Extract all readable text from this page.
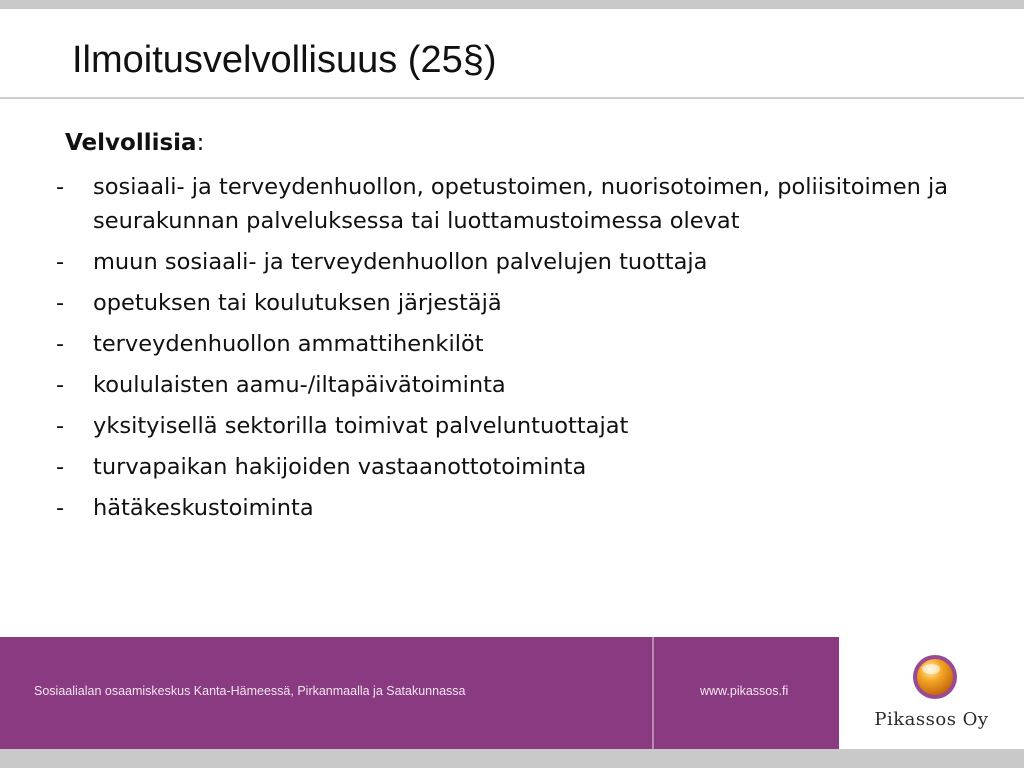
Ilmoitusvelvollisuus (25§)
Velvollisia:
- sosiaali- ja terveydenhuollon, opetustoimen, nuorisotoimen, poliisitoimen ja seurakunnan palveluksessa tai luottamustoimessa olevat
- muun sosiaali- ja terveydenhuollon palvelujen tuottaja
- opetuksen tai koulutuksen järjestäjä
- terveydenhuollon ammattihenkilöt
- koululaisten aamu-/iltapäivätoiminta
- yksityisellä sektorilla toimivat palveluntuottajat
- turvapaikan hakijoiden vastaanottotoiminta
- hätäkeskustoiminta
Sosiaalialan osaamiskeskus Kanta-Hämeessä, Pirkanmaalla ja Satakunnassa	www.pikassos.fi
Pikassos Oy
